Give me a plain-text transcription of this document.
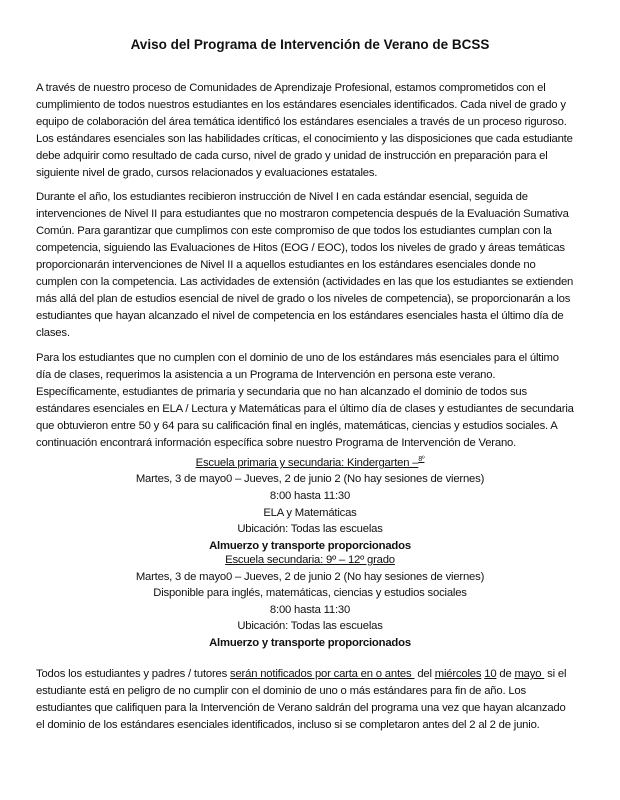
Aviso del Programa de Intervención de Verano de BCSS
A través de nuestro proceso de Comunidades de Aprendizaje Profesional, estamos comprometidos con el
cumplimiento de todos nuestros estudiantes en los estándares esenciales identificados. Cada nivel de grado y
equipo de colaboración del área temática identificó los estándares esenciales a través de un proceso riguroso.
Los estándares esenciales son las habilidades críticas, el conocimiento y las disposiciones que cada estudiante
debe adquirir como resultado de cada curso, nivel de grado y unidad de instrucción en preparación para el
siguiente nivel de grado, cursos relacionados y evaluaciones estatales.
Durante el año, los estudiantes recibieron instrucción de Nivel I en cada estándar esencial, seguida de
intervenciones de Nivel II para estudiantes que no mostraron competencia después de la Evaluación Sumativa
Común. Para garantizar que cumplimos con este compromiso de que todos los estudiantes cumplan con la
competencia, siguiendo las Evaluaciones de Hitos (EOG / EOC), todos los niveles de grado y áreas temáticas
proporcionarán intervenciones de Nivel II a aquellos estudiantes en los estándares esenciales donde no
cumplen con la competencia. Las actividades de extensión (actividades en las que los estudiantes se extienden
más allá del plan de estudios esencial de nivel de grado o los niveles de competencia), se proporcionarán a los
estudiantes que hayan alcanzado el nivel de competencia en los estándares esenciales hasta el último día de
clases.
Para los estudiantes que no cumplen con el dominio de uno de los estándares más esenciales para el último
día de clases, requerimos la asistencia a un Programa de Intervención en persona este verano.
Específicamente, estudiantes de primaria y secundaria que no han alcanzado el dominio de todos sus
estándares esenciales en ELA / Lectura y Matemáticas para el último día de clases y estudiantes de secundaria
que obtuvieron entre 50 y 64 para su calificación final en inglés, matemáticas, ciencias y estudios sociales. A
continuación encontrará información específica sobre nuestro Programa de Intervención de Verano.
Escuela primaria y secundaria: Kindergarten –$^{8º}$
Martes, 3 de mayo0 – Jueves, 2 de junio 2 (No hay sesiones de viernes)
8:00 hasta 11:30
ELA y Matemáticas
Ubicación: Todas las escuelas
Almuerzo y transporte proporcionados
Escuela secundaria: 9º – 12º grado
Martes, 3 de mayo0 – Jueves, 2 de junio 2 (No hay sesiones de viernes)
Disponible para inglés, matemáticas, ciencias y estudios sociales
8:00 hasta 11:30
Ubicación: Todas las escuelas
Almuerzo y transporte proporcionados
Todos los estudiantes y padres / tutores serán notificados por carta en o antes  del miércoles 10 de mayo  si el
estudiante está en peligro de no cumplir con el dominio de uno o más estándares para fin de año. Los
estudiantes que califiquen para la Intervención de Verano saldrán del programa una vez que hayan alcanzado
el dominio de los estándares esenciales identificados, incluso si se completaron antes del 2 al 2 de junio.
